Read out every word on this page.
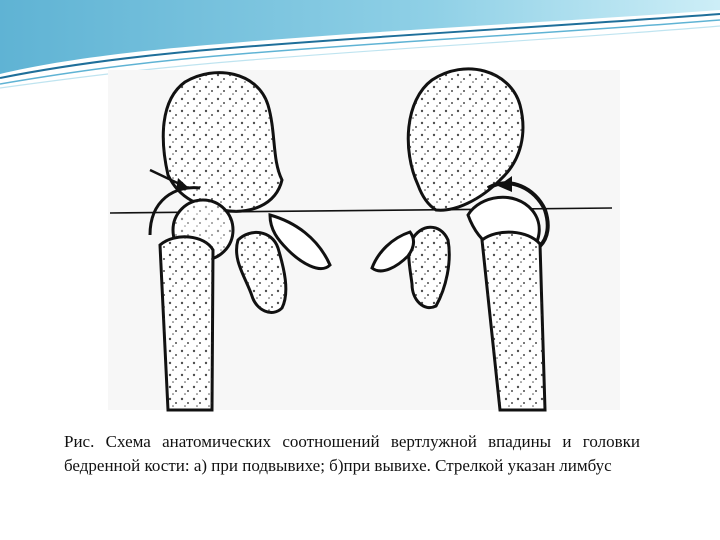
Рис. Схема анатомических соотношений вертлужной впадины и головки бедренной кости: а) при подвывихе; б)при вывихе. Стрелкой указан лимбус
